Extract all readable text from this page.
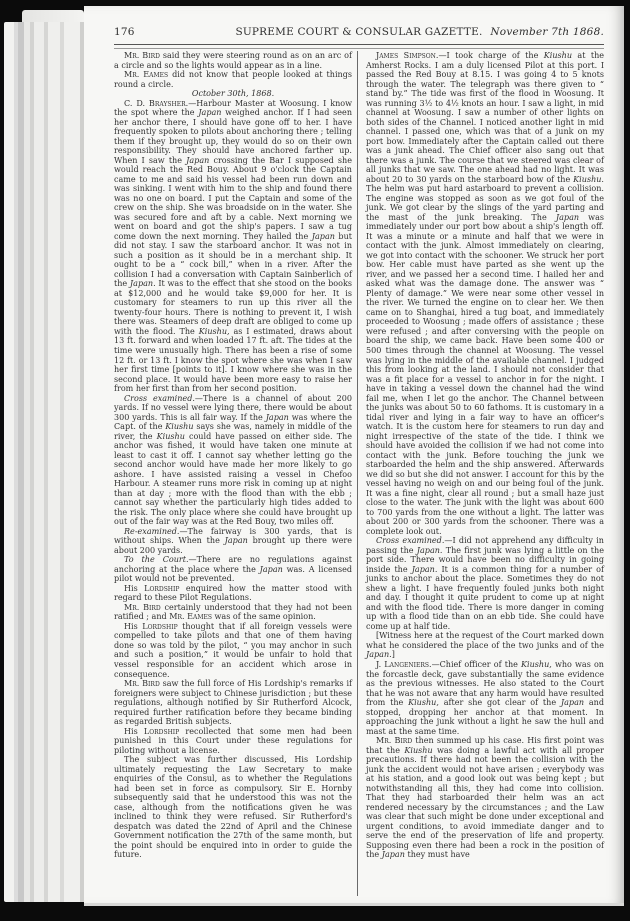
176	SUPREME COURT & CONSULAR GAZETTE. November 7th 1868.

Mr. Bird said they were steering round as on an arc of a circle and so the lights would appear as in a line.

Mr. Eames did not know that people looked at things round a circle.

October 30th, 1868.

C. D. Braysher.—Harbour Master at Woosung. I know the spot where the Japan weighed anchor. If I had seen her anchor there, I should have gone off to her. I have frequently spoken to pilots about anchoring there ; telling them if they brought up, they would do so on their own responsibility. They should have anchored farther up. When I saw the Japan crossing the Bar I supposed she would reach the Red Bouy. About 9 o'clock the Captain came to me and said his vessel had been run down and was sinking. I went with him to the ship and found there was no one on board. I put the Captain and some of the crew on the ship. She was broadside on in the water. She was secured fore and aft by a cable. Next morning we went on board and got the ship's papers. I saw a tug come down the next morning. They hailed the Japan but did not stay. I saw the starboard anchor. It was not in such a position as it should be in a merchant ship. It ought to be a “ cock bill,” when in a river. After the collision I had a conversation with Captain Sainberlich of the Japan. It was to the effect that she stood on the books at $12,000 and he would take $9,000 for her. It is customary for steamers to run up this river all the twenty-four hours. There is nothing to prevent it, I wish there was. Steamers of deep draft are obliged to come up with the flood. The Kiushu, as I estimated, draws about 13 ft. forward and when loaded 17 ft. aft. The tides at the time were unusually high. There has been a rise of some 12 ft. or 13 ft. I know the spot where she was when I saw her first time [points to it]. I know where she was in the second place. It would have been more easy to raise her from her first than from her second position.

Cross examined.—There is a channel of about 200 yards. If no vessel were lying there, there would be about 300 yards. This is all fair way. If the Japan was where the Capt. of the Kiushu says she was, namely in middle of the river, the Kiushu could have passed on either side. The anchor was fished, it would have taken one minute at least to cast it off. I cannot say whether letting go the second anchor would have made her more likely to go ashore. I have assisted raising a vessel in Chefoo Harbour. A steamer runs more risk in coming up at night than at day ; more with the flood than with the ebb ; cannot say whether the particularly high tides added to the risk. The only place where she could have brought up out of the fair way was at the Red Bouy, two miles off.

Re-examined.—The fairway is 300 yards, that is without ships. When the Japan brought up there were about 200 yards.

To the Court.—There are no regulations against anchoring at the place where the Japan was. A licensed pilot would not be prevented.

His Lordship enquired how the matter stood with regard to these Pilot Regulations.

Mr. Bird certainly understood that they had not been ratified ; and Mr. Eames was of the same opinion.

His Lordship thought that if all foreign vessels were compelled to take pilots and that one of them having done so was told by the pilot, “ you may anchor in such and such a position,” it would be unfair to hold that vessel responsible for an accident which arose in consequence.

Mr. Bird saw the full force of His Lordship's remarks if foreigners were subject to Chinese jurisdiction ; but these regulations, although notified by Sir Rutherford Alcock, required further ratification before they became binding as regarded British subjects.

His Lordship recollected that some men had been punished in this Court under these regulations for piloting without a license.

The subject was further discussed, His Lordship ultimately requesting the Law Secretary to make enquiries of the Consul, as to whether the Regulations had been set in force as compulsory. Sir E. Hornby subsequently said that he understood this was not the case, although from the notifications given he was inclined to think they were refused. Sir Rutherford's despatch was dated the 22nd of April and the Chinese Government notification the 27th of the same month, but the point should be enquired into in order to guide the future.

James Simpson.—I took charge of the Kiushu at the Amherst Rocks. I am a duly licensed Pilot at this port. I passed the Red Bouy at 8.15. I was going 4 to 5 knots through the water. The telegraph was there given to “ stand by.” The tide was first of the flood in Woosung. It was running 3½ to 4½ knots an hour. I saw a light, in mid channel at Woosung. I saw a number of other lights on both sides of the Channel. I noticed another light in mid channel. I passed one, which was that of a junk on my port bow. Immediately after the Captain called out there was a junk ahead. The Chief officer also sang out that there was a junk. The course that we steered was clear of all junks that we saw. The one ahead had no light. It was about 20 to 30 yards on the starboard bow of the Kiushu. The helm was put hard astarboard to prevent a collision. The engine was stopped as soon as we got foul of the junk. We got clear by the slings of the yard parting and the mast of the junk breaking. The Japan was immediately under our port bow about a ship's length off. It was a minute or a minute and half that we were in contact with the junk. Almost immediately on clearing, we got into contact with the schooner. We struck her port bow. Her cable must have parted as she went up the river, and we passed her a second time. I hailed her and asked what was the damage done. The answer was “ Plenty of damage.” We were near some other vessel in the river. We turned the engine on to clear her. We then came on to Shanghai, hired a tug boat, and immediately proceeded to Woosung ; made offers of assistance ; these were refused ; and after conversing with the people on board the ship, we came back. Have been some 400 or 500 times through the channel at Woosung. The vessel was lying in the middle of the available channel. I judged this from looking at the land. I should not consider that was a fit place for a vessel to anchor in for the night. I have in taking a vessel down the channel had the wind fail me, when I let go the anchor. The Channel between the junks was about 50 to 60 fathoms. It is customary in a tidal river and lying in a fair way to have an officer's watch. It is the custom here for steamers to run day and night irrespective of the state of the tide. I think we should have avoided the collision if we had not come into contact with the junk. Before touching the junk we starboarded the helm and the ship answered. Afterwards we did so but she did not answer. I account for this by the vessel having no weigh on and our being foul of the junk. It was a fine night, clear all round ; but a small haze just close to the water. The junk with the light was about 600 to 700 yards from the one without a light. The latter was about 200 or 300 yards from the schooner. There was a complete look out.

Cross examined.—I did not apprehend any difficulty in passing the Japan. The first junk was lying a little on the port side. There would have been no difficulty in going inside the Japan. It is a common thing for a number of junks to anchor about the place. Sometimes they do not shew a light. I have frequently fouled junks both night and day. I thought it quite prudent to come up at night and with the flood tide. There is more danger in coming up with a flood tide than on an ebb tide. She could have come up at half tide.

[Witness here at the request of the Court marked down what he considered the place of the two junks and of the Japan.]

J. Langeniers.—Chief officer of the Kiushu, who was on the forcastle deck, gave substantially the same evidence as the previous witnesses. He also stated to the Court that he was not aware that any harm would have resulted from the Kiushu, after she got clear of the Japan and stopped, dropping her anchor at that moment. In approaching the junk without a light he saw the hull and mast at the same time.

Mr. Bird then summed up his case. His first point was that the Kiushu was doing a lawful act with all proper precautions. If there had not been the collision with the junk the accident would not have arisen ; everybody was at his station, and a good look out was being kept ; but notwithstanding all this, they had come into collision. That they had starboarded their helm was an act rendered necessary by the circumstances ; and the Law was clear that such might be done under exceptional and urgent conditions, to avoid immediate danger and to serve the end of the preservation of life and property. Supposing even there had been a rock in the position of the Japan they must have
